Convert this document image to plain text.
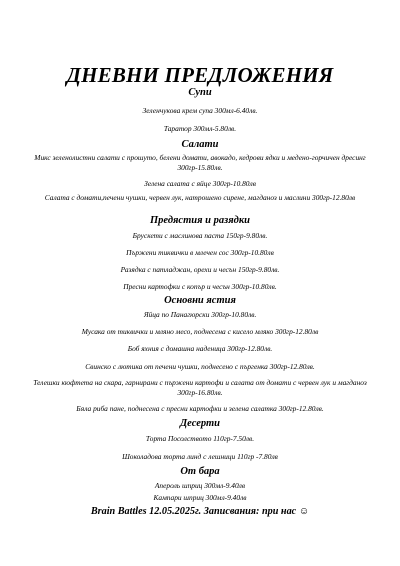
ДНЕВНИ ПРЕДЛОЖЕНИЯ
Супи
Зеленчукова крем супа 300мл-6.40лв.
Таратор 300мл-5.80лв.
Салати
Микс зеленолистни салати с прошуто, белени домати, авокадо, кедрови ядки и медено-горчичен дресинг 300гр-15.80лв.
Зелена салата с яйце 300гр-10.80лв
Салата с домати,печени чушки, червен лук, натрошено сирене, магданоз и маслини 300гр-12.80лв
Предястия и разядки
Брускети с маслинова паста 150гр-9.80лв.
Пържени тиквички в млечен сос 300гр-10.80лв
Разядка с патладжан, орехи и чесън 150гр-9.80лв.
Пресни картофки с копър и чесън 300гр-10.80лв.
Основни ястия
Яйца по Панагюрски 300гр-10.80лв.
Мусака от тиквички и мляно месо, поднесена с кисело мляко 300гр-12.80лв
Боб яхния с домашна наденица 300гр-12.80лв.
Свинско с лютика от печени чушки, поднесено с пъргенка 300гр-12.80лв.
Телешки кюфтета на скара, гарнирани с пържени картофи и салата от домати с червен лук и магданоз 300гр-16.80лв.
Бяла риба пане, поднесена с пресни картофки и зелена салатка 300гр-12.80лв.
Десерти
Торта Посолството 110гр-7.50лв.
Шоколадова торта линд с лешници 110гр -7.80лв
От бара
Апероль шприц 300мл-9.40лв
Кампари шприц 300мл-9.40лв
Brain Battles 12.05.2025г. Записвания: при нас ☺
